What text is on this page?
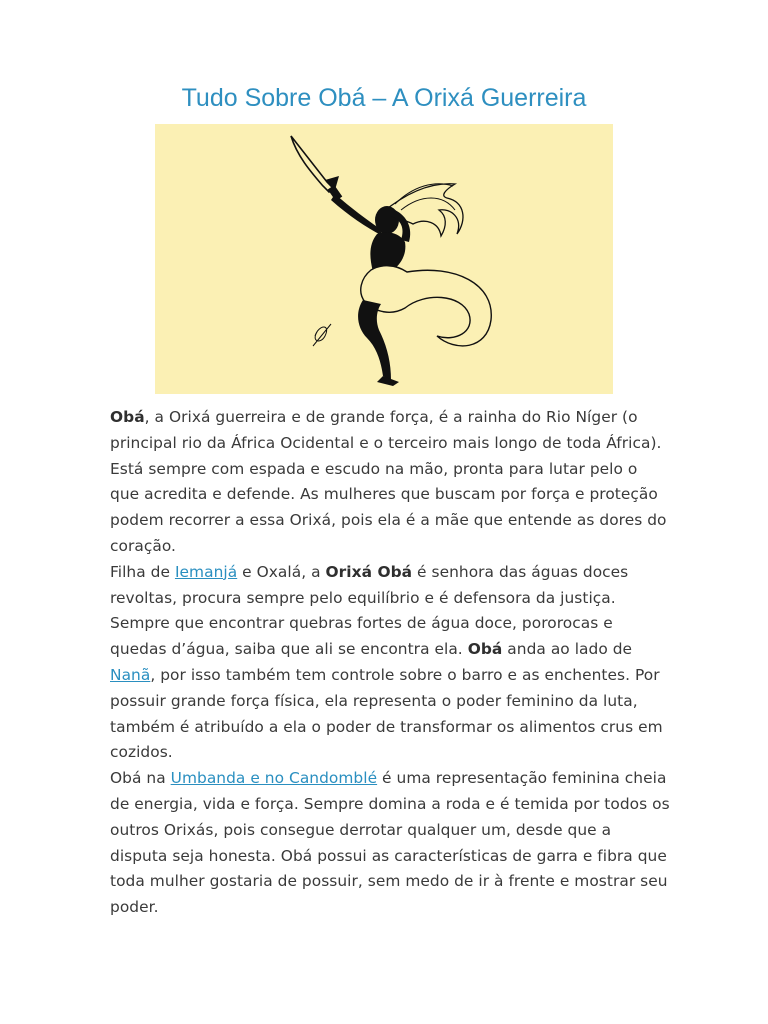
Tudo Sobre Obá – A Orixá Guerreira

Obá, a Orixá guerreira e de grande força, é a rainha do Rio Níger (o principal rio da África Ocidental e o terceiro mais longo de toda África). Está sempre com espada e escudo na mão, pronta para lutar pelo o que acredita e defende. As mulheres que buscam por força e proteção podem recorrer a essa Orixá, pois ela é a mãe que entende as dores do coração.

Filha de Iemanjá e Oxalá, a Orixá Obá é senhora das águas doces revoltas, procura sempre pelo equilíbrio e é defensora da justiça. Sempre que encontrar quebras fortes de água doce, pororocas e quedas d’água, saiba que ali se encontra ela. Obá anda ao lado de Nanã, por isso também tem controle sobre o barro e as enchentes. Por possuir grande força física, ela representa o poder feminino da luta, também é atribuído a ela o poder de transformar os alimentos crus em cozidos.

Obá na Umbanda e no Candomblé é uma representação feminina cheia de energia, vida e força. Sempre domina a roda e é temida por todos os outros Orixás, pois consegue derrotar qualquer um, desde que a disputa seja honesta. Obá possui as características de garra e fibra que toda mulher gostaria de possuir, sem medo de ir à frente e mostrar seu poder.
